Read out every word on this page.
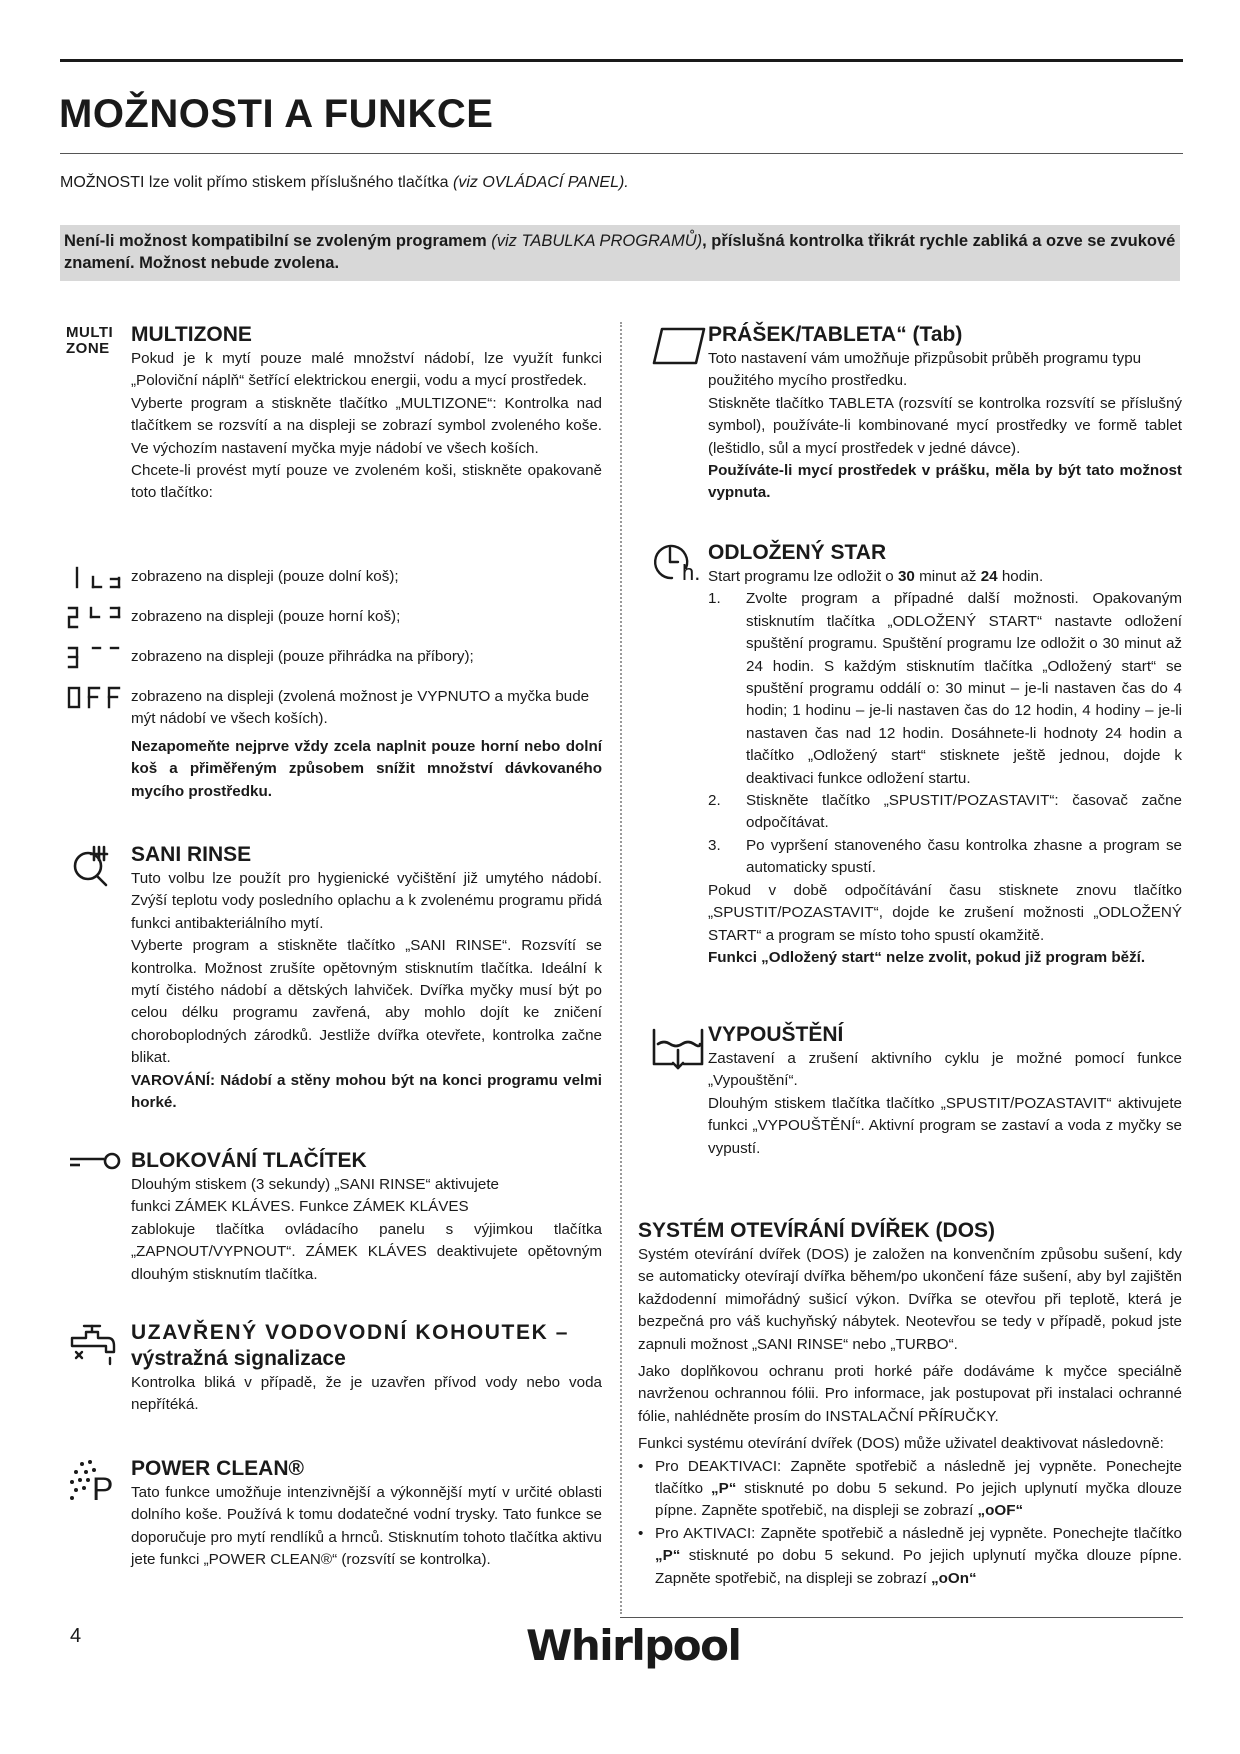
MOŽNOSTI A FUNKCE
MOŽNOSTI lze volit přímo stiskem příslušného tlačítka (viz OVLÁDACÍ PANEL).
Není-li možnost kompatibilní se zvoleným programem (viz TABULKA PROGRAMŮ), příslušná kontrolka třikrát rychle zabliká a ozve se zvukové znamení. Možnost nebude zvolena.
MULTI
ZONE
MULTIZONE

Pokud je k mytí pouze malé množství nádobí, lze využít funkci „Poloviční náplň“ šetřící elektrickou energii, vodu a mycí prostředek.

Vyberte program a stiskněte tlačítko „MULTIZONE“: Kontrolka nad tlačítkem se rozsvítí a na displeji se zobrazí symbol zvoleného koše. Ve výchozím nastavení myčka myje nádobí ve všech koších.

Chcete-li provést mytí pouze ve zvoleném koši, stiskněte opakovaně toto tlačítko:

zobrazeno na displeji (pouze dolní koš);
zobrazeno na displeji (pouze horní koš);
zobrazeno na displeji (pouze přihrádka na příbory);
zobrazeno na displeji (zvolená možnost je VYPNUTO a myčka bude mýt nádobí ve všech koších).
Nezapomeňte nejprve vždy zcela naplnit pouze horní nebo dolní koš a přiměřeným způsobem snížit množství dávkovaného mycího prostředku.
SANI RINSE

Tuto volbu lze použít pro hygienické vyčištění již umytého nádobí. Zvýší teplotu vody posledního oplachu a k zvolenému programu přidá funkci antibakteriálního mytí.

Vyberte program a stiskněte tlačítko „SANI RINSE“. Rozsvítí se kontrolka. Možnost zrušíte opětovným stisknutím tlačítka. Ideální k mytí čistého nádobí a dětských lahviček. Dvířka myčky musí být po celou délku programu zavřená, aby mohlo dojít ke zničení choroboplodných zárodků. Jestliže dvířka otevřete, kontrolka začne blikat.

VAROVÁNÍ: Nádobí a stěny mohou být na konci programu velmi horké.

BLOKOVÁNÍ TLAČÍTEK

Dlouhým stiskem (3 sekundy) „SANI RINSE“ aktivujete

funkci ZÁMEK KLÁVES. Funkce ZÁMEK KLÁVES

zablokuje tlačítka ovládacího panelu s výjimkou tlačítka „ZAPNOUT/VYPNOUT“. ZÁMEK KLÁVES deaktivujete opětovným dlouhým stisknutím tlačítka.

UZAVŘENÝ VODOVODNÍ KOHOUTEK –
výstražná signalizace

Kontrolka bliká v případě, že je uzavřen přívod vody nebo voda nepřítéká.

P
POWER CLEAN®

Tato funkce umožňuje intenzivnější a výkonnější mytí v určité oblasti dolního koše. Používá k tomu dodatečné vodní trysky. Tato funkce se doporučuje pro mytí rendlíků a hrnců. Stisknutím tohoto tlačítka aktivu jete funkci „POWER CLEAN®“ (rozsvítí se kontrolka).

PRÁŠEK/TABLETA“ (Tab)

Toto nastavení vám umožňuje přizpůsobit průběh programu typu použitého mycího prostředku.

Stiskněte tlačítko TABLETA (rozsvítí se kontrolka rozsvítí se příslušný symbol), používáte-li kombinované mycí prostředky ve formě tablet (leštidlo, sůl a mycí prostředek v jedné dávce).

Používáte-li mycí prostředek v prášku, měla by být tato možnost vypnuta.

h.
ODLOŽENÝ STAR

Start programu lze odložit o 30 minut až 24 hodin.

1. Zvolte program a případné další možnosti. Opakovaným stisknutím tlačítka „ODLOŽENÝ START“ nastavte odložení spuštění programu. Spuštění programu lze odložit o 30 minut až 24 hodin. S každým stisknutím tlačítka „Odložený start“ se spuštění programu oddálí o: 30 minut – je-li nastaven čas do 4 hodin; 1 hodinu – je-li nastaven čas do 12 hodin, 4 hodiny – je-li nastaven čas nad 12 hodin. Dosáhnete-li hodnoty 24 hodin a tlačítko „Odložený start“ stisknete ještě jednou, dojde k deaktivaci funkce odložení startu.
2. Stiskněte tlačítko „SPUSTIT/POZASTAVIT“: časovač začne odpočítávat.
3. Po vypršení stanoveného času kontrolka zhasne a program se automaticky spustí.

Pokud v době odpočítávání času stisknete znovu tlačítko „SPUSTIT/POZASTAVIT“, dojde ke zrušení možnosti „ODLOŽENÝ START“ a program se místo toho spustí okamžitě.

Funkci „Odložený start“ nelze zvolit, pokud již program běží.

VYPOUŠTĚNÍ

Zastavení a zrušení aktivního cyklu je možné pomocí funkce „Vypouštění“.

Dlouhým stiskem tlačítka tlačítko „SPUSTIT/POZASTAVIT“ aktivujete funkci „VYPOUŠTĚNÍ“. Aktivní program se zastaví a voda z myčky se vypustí.

SYSTÉM OTEVÍRÁNÍ DVÍŘEK (DOS)

Systém otevírání dvířek (DOS) je založen na konvenčním způsobu sušení, kdy se automaticky otevírají dvířka během/po ukončení fáze sušení, aby byl zajištěn každodenní mimořádný sušicí výkon. Dvířka se otevřou při teplotě, která je bezpečná pro váš kuchyňský nábytek. Neotevřou se tedy v případě, pokud jste zapnuli možnost „SANI RINSE“ nebo „TURBO“.

Jako doplňkovou ochranu proti horké páře dodáváme k myčce speciálně navrženou ochrannou fólii. Pro informace, jak postupovat při instalaci ochranné fólie, nahlédněte prosím do INSTALAČNÍ PŘÍRUČKY.

Funkci systému otevírání dvířek (DOS) může uživatel deaktivovat následovně:

• Pro DEAKTIVACI: Zapněte spotřebič a následně jej vypněte. Ponechejte tlačítko „P“ stisknuté po dobu 5 sekund. Po jejich uplynutí myčka dlouze pípne. Zapněte spotřebič, na displeji se zobrazí „oOF“
• Pro AKTIVACI: Zapněte spotřebič a následně jej vypněte. Ponechejte tlačítko „P“ stisknuté po dobu 5 sekund. Po jejich uplynutí myčka dlouze pípne. Zapněte spotřebič, na displeji se zobrazí „oOn“
4	Whirlpool
